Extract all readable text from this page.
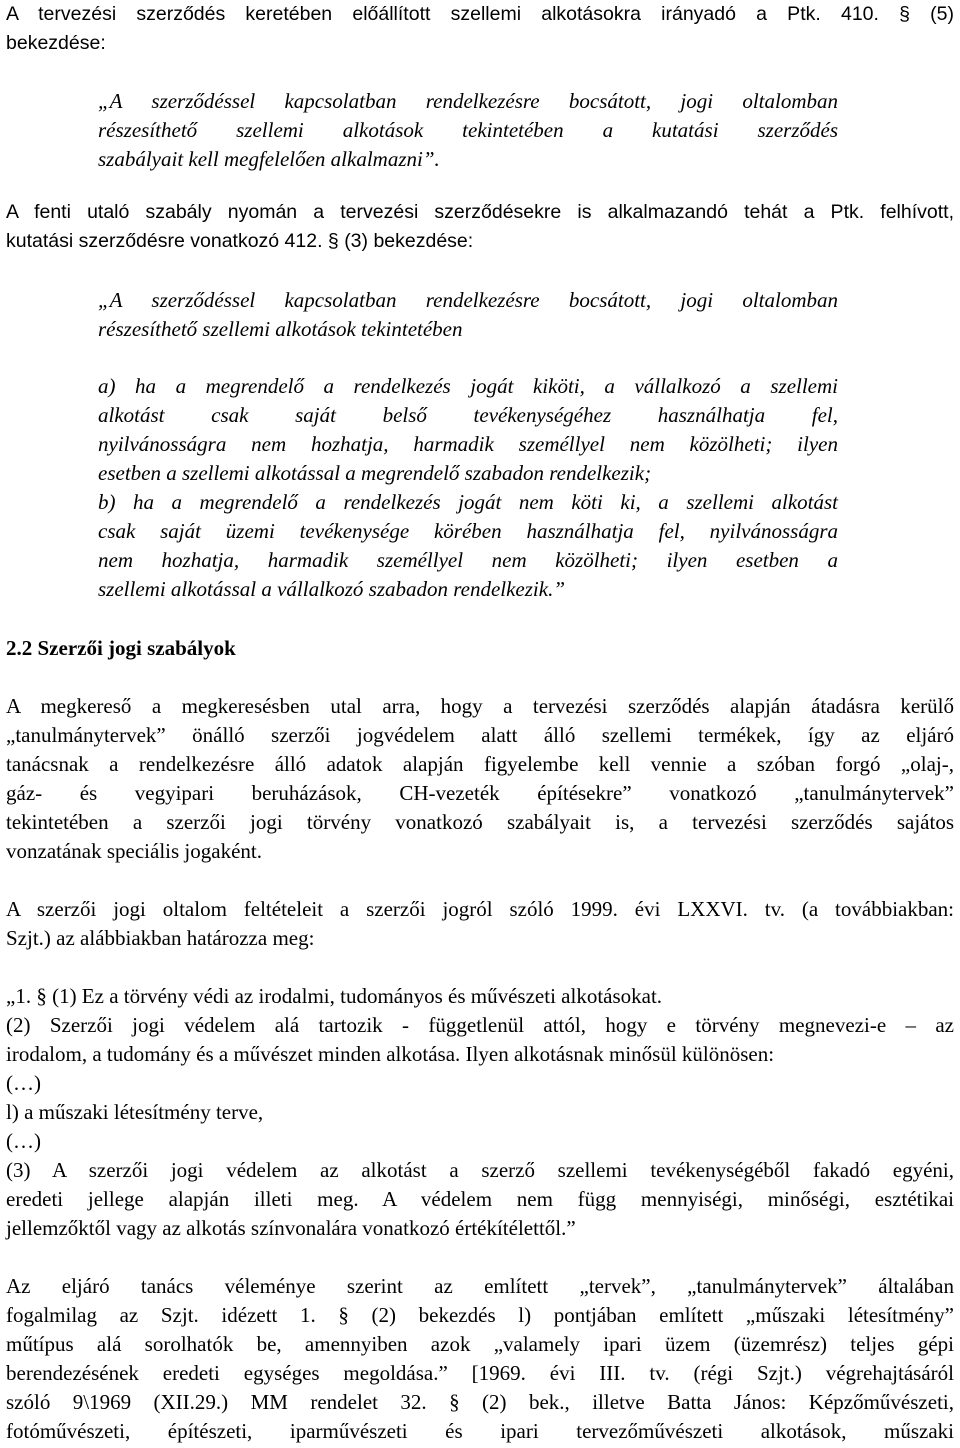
A tervezési szerződés keretében előállított szellemi alkotásokra irányadó a Ptk. 410. § (5)
bekezdése:
„A szerződéssel kapcsolatban rendelkezésre bocsátott, jogi oltalomban
részesíthető szellemi alkotások tekintetében a kutatási szerződés
szabályait kell megfelelően alkalmazni”.
A fenti utaló szabály nyomán a tervezési szerződésekre is alkalmazandó tehát a Ptk. felhívott,
kutatási szerződésre vonatkozó 412. § (3) bekezdése:
„A szerződéssel kapcsolatban rendelkezésre bocsátott, jogi oltalomban
részesíthető szellemi alkotások tekintetében
a) ha a megrendelő a rendelkezés jogát kiköti, a vállalkozó a szellemi
alkotást csak saját belső tevékenységéhez használhatja fel,
nyilvánosságra nem hozhatja, harmadik személlyel nem közölheti; ilyen
esetben a szellemi alkotással a megrendelő szabadon rendelkezik;
b) ha a megrendelő a rendelkezés jogát nem köti ki, a szellemi alkotást
csak saját üzemi tevékenysége körében használhatja fel, nyilvánosságra
nem hozhatja, harmadik személlyel nem közölheti; ilyen esetben a
szellemi alkotással a vállalkozó szabadon rendelkezik.”
2.2 Szerzői jogi szabályok
A megkereső a megkeresésben utal arra, hogy a tervezési szerződés alapján átadásra kerülő
„tanulmánytervek” önálló szerzői jogvédelem alatt álló szellemi termékek, így az eljáró
tanácsnak a rendelkezésre álló adatok alapján figyelembe kell vennie a szóban forgó „olaj-,
gáz- és vegyipari beruházások, CH-vezeték építésekre” vonatkozó „tanulmánytervek”
tekintetében a szerzői jogi törvény vonatkozó szabályait is, a tervezési szerződés sajátos
vonzatának speciális jogaként.
A szerzői jogi oltalom feltételeit a szerzői jogról szóló 1999. évi LXXVI. tv. (a továbbiakban:
Szjt.) az alábbiakban határozza meg:
„1. § (1) Ez a törvény védi az irodalmi, tudományos és művészeti alkotásokat.
(2) Szerzői jogi védelem alá tartozik - függetlenül attól, hogy e törvény megnevezi-e – az
irodalom, a tudomány és a művészet minden alkotása. Ilyen alkotásnak minősül különösen:
(…)
l) a műszaki létesítmény terve,
(…)
(3) A szerzői jogi védelem az alkotást a szerző szellemi tevékenységéből fakadó egyéni,
eredeti jellege alapján illeti meg. A védelem nem függ mennyiségi, minőségi, esztétikai
jellemzőktől vagy az alkotás színvonalára vonatkozó értékítélettől.”
Az eljáró tanács véleménye szerint az említett „tervek”, „tanulmánytervek” általában
fogalmilag az Szjt. idézett 1. § (2) bekezdés l) pontjában említett „műszaki létesítmény”
műtípus alá sorolhatók be, amennyiben azok „valamely ipari üzem (üzemrész) teljes gépi
berendezésének eredeti egységes megoldása.” [1969. évi III. tv. (régi Szjt.) végrehajtásáról
szóló 9\1969 (XII.29.) MM rendelet 32. § (2) bek., illetve Batta János: Képzőművészeti,
fotóművészeti, építészeti, iparművészeti és ipari tervezőművészeti alkotások, műszaki
